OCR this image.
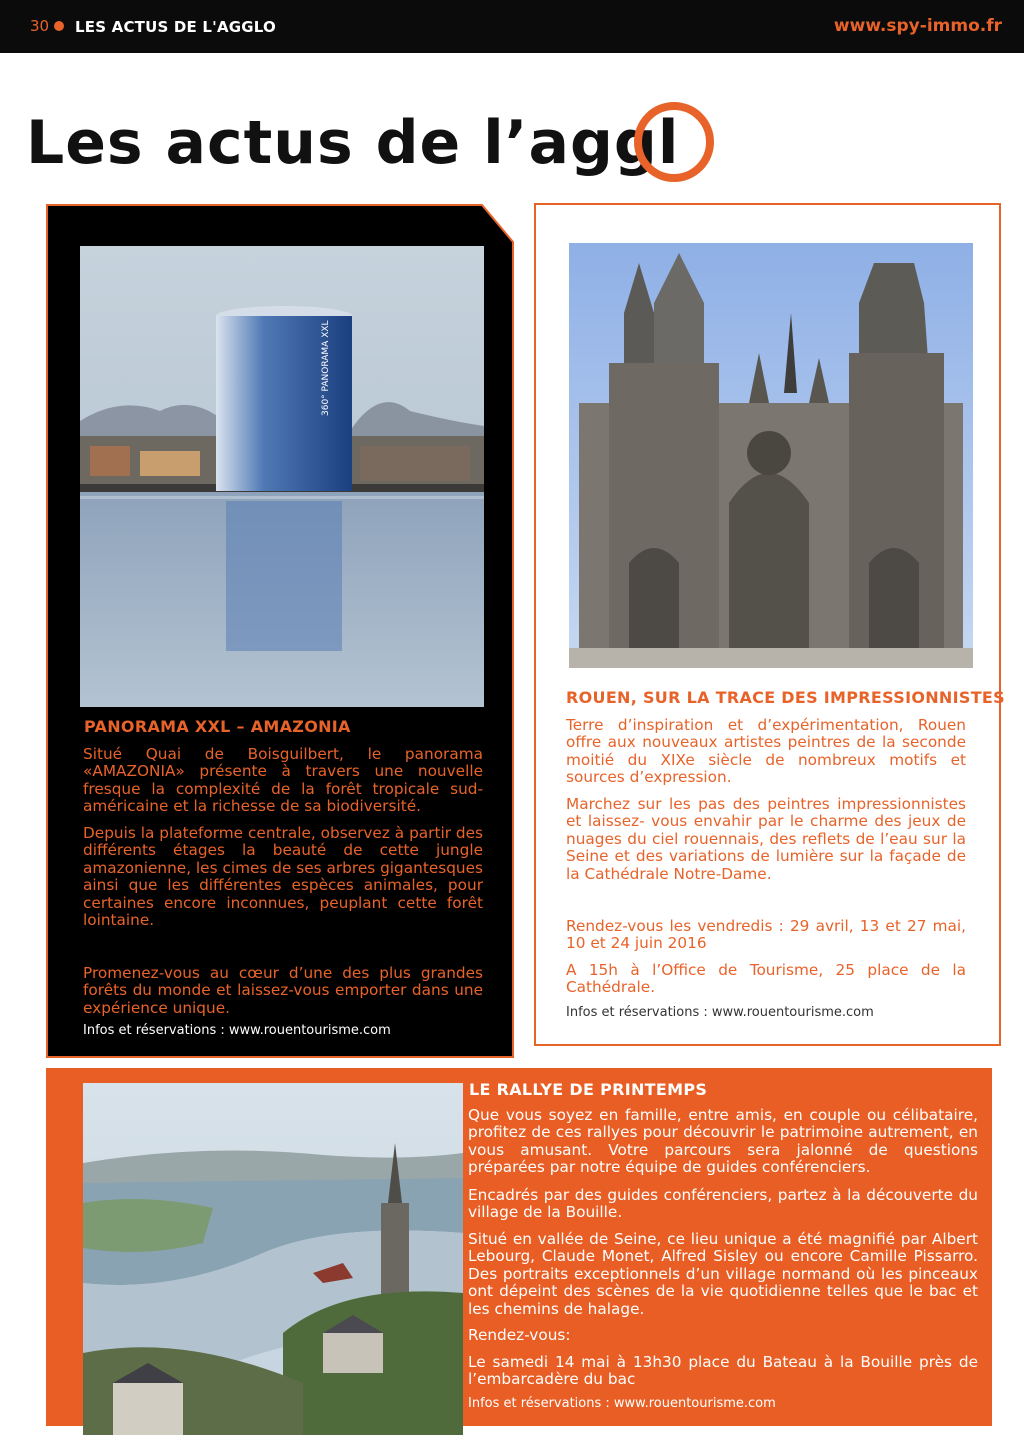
30 LES ACTUS DE L'AGGLO	www.spy-immo.fr
Les actus de l’aggl
360° PANORAMA XXL
PANORAMA XXL – AMAZONIA

Situé Quai de Boisguilbert, le panorama «AMAZONIA» présente à travers une nouvelle fresque la complexité de la forêt tropicale sud-américaine et la richesse de sa biodiversité.

Depuis la plateforme centrale, observez à partir des différents étages la beauté de cette jungle amazonienne, les cimes de ses arbres gigantesques ainsi que les différentes espèces animales, pour certaines encore inconnues, peuplant cette forêt lointaine.

Promenez-vous au cœur d’une des plus grandes forêts du monde et laissez-vous emporter dans une expérience unique.

Infos et réservations : www.rouentourisme.com
ROUEN, SUR LA TRACE DES IMPRESSIONNISTES

Terre d’inspiration et d’expérimentation, Rouen offre aux nouveaux artistes peintres de la seconde moitié du XIXe siècle de nombreux motifs et sources d’expression.

Marchez sur les pas des peintres impressionnistes et laissez- vous envahir par le charme des jeux de nuages du ciel rouennais, des reflets de l’eau sur la Seine et des variations de lumière sur la façade de la Cathédrale Notre-Dame.

Rendez-vous les vendredis : 29 avril, 13 et 27 mai, 10 et 24 juin 2016

A 15h à l’Office de Tourisme, 25 place de la Cathédrale.

Infos et réservations : www.rouentourisme.com
LE RALLYE DE PRINTEMPS

Que vous soyez en famille, entre amis, en couple ou célibataire, profitez de ces rallyes pour découvrir le patrimoine autrement, en vous amusant. Votre parcours sera jalonné de questions préparées par notre équipe de guides conférenciers.

Encadrés par des guides conférenciers, partez à la découverte du village de la Bouille.

Situé en vallée de Seine, ce lieu unique a été magnifié par Albert Lebourg, Claude Monet, Alfred Sisley ou encore Camille Pissarro. Des portraits exceptionnels d’un village normand où les pinceaux ont dépeint des scènes de la vie quotidienne telles que le bac et les chemins de halage.

Rendez-vous:

Le samedi 14 mai à 13h30 place du Bateau à la Bouille près de l’embarcadère du bac

Infos et réservations : www.rouentourisme.com
